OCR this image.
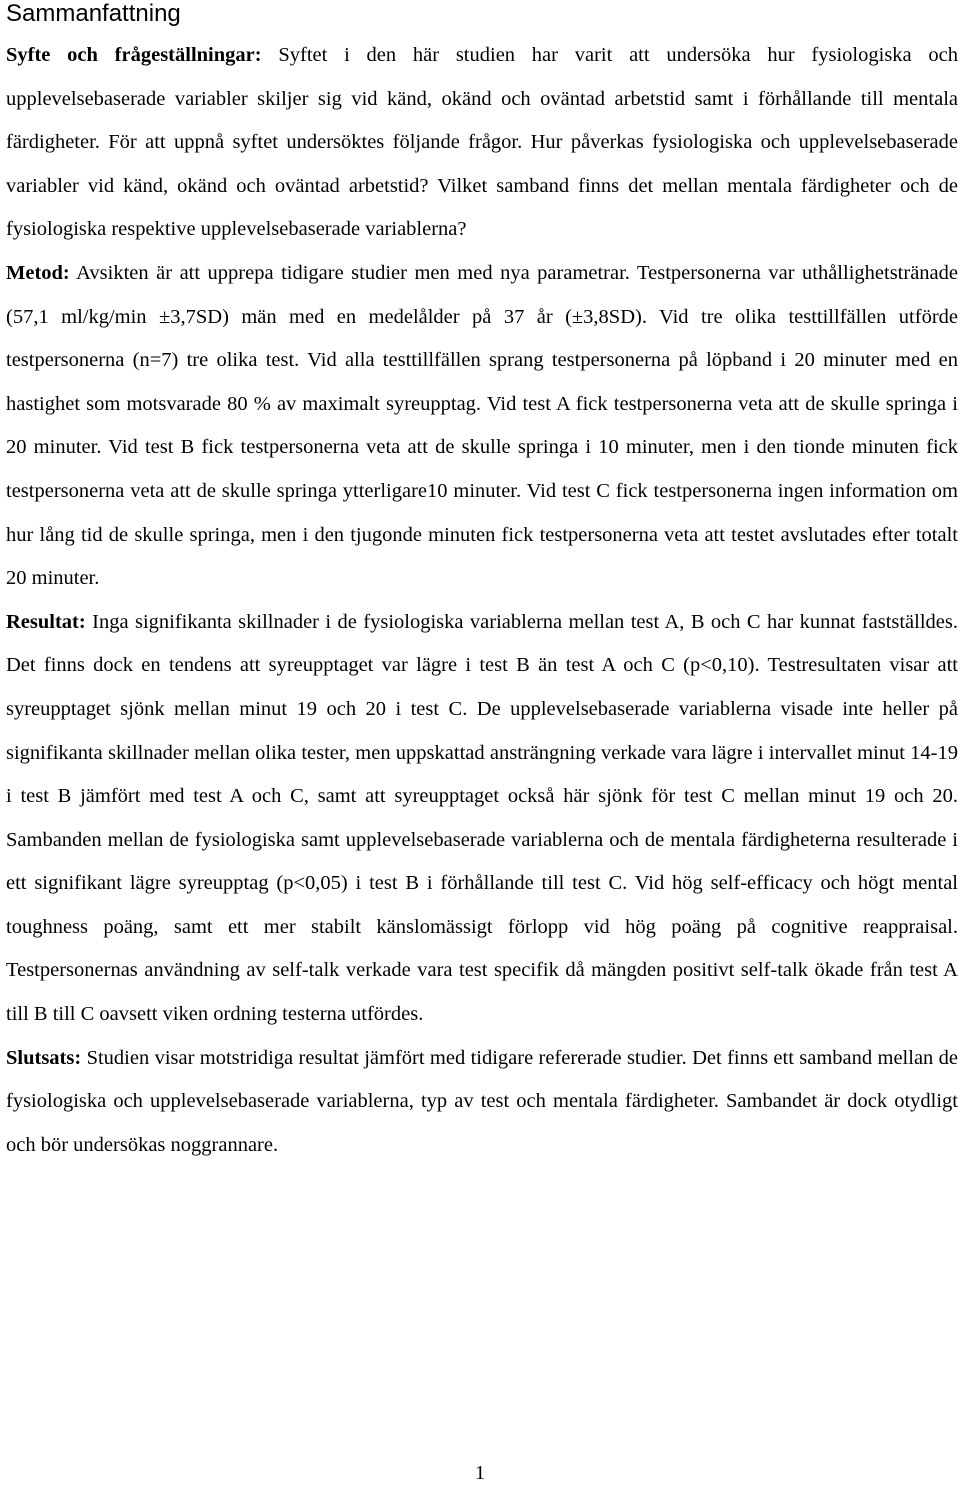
Sammanfattning

Syfte och frågeställningar: Syftet i den här studien har varit att undersöka hur fysiologiska och upplevelsebaserade variabler skiljer sig vid känd, okänd och oväntad arbetstid samt i förhållande till mentala färdigheter. För att uppnå syftet undersöktes följande frågor. Hur påverkas fysiologiska och upplevelsebaserade variabler vid känd, okänd och oväntad arbetstid? Vilket samband finns det mellan mentala färdigheter och de fysiologiska respektive upplevelsebaserade variablerna?

Metod: Avsikten är att upprepa tidigare studier men med nya parametrar. Testpersonerna var uthållighetstränade (57,1 ml/kg/min ±3,7SD) män med en medelålder på 37 år (±3,8SD). Vid tre olika testtillfällen utförde testpersonerna (n=7) tre olika test. Vid alla testtillfällen sprang testpersonerna på löpband i 20 minuter med en hastighet som motsvarade 80 % av maximalt syreupptag. Vid test A fick testpersonerna veta att de skulle springa i 20 minuter. Vid test B fick testpersonerna veta att de skulle springa i 10 minuter, men i den tionde minuten fick testpersonerna veta att de skulle springa ytterligare10 minuter. Vid test C fick testpersonerna ingen information om hur lång tid de skulle springa, men i den tjugonde minuten fick testpersonerna veta att testet avslutades efter totalt 20 minuter.

Resultat: Inga signifikanta skillnader i de fysiologiska variablerna mellan test A, B och C har kunnat fastställdes. Det finns dock en tendens att syreupptaget var lägre i test B än test A och C (p<0,10). Testresultaten visar att syreupptaget sjönk mellan minut 19 och 20 i test C. De upplevelsebaserade variablerna visade inte heller på signifikanta skillnader mellan olika tester, men uppskattad ansträngning verkade vara lägre i intervallet minut 14-19 i test B jämfört med test A och C, samt att syreupptaget också här sjönk för test C mellan minut 19 och 20. Sambanden mellan de fysiologiska samt upplevelsebaserade variablerna och de mentala färdigheterna resulterade i ett signifikant lägre syreupptag (p<0,05) i test B i förhållande till test C. Vid hög self-efficacy och högt mental toughness poäng, samt ett mer stabilt känslomässigt förlopp vid hög poäng på cognitive reappraisal. Testpersonernas användning av self-talk verkade vara test specifik då mängden positivt self-talk ökade från test A till B till C oavsett viken ordning testerna utfördes.

Slutsats: Studien visar motstridiga resultat jämfört med tidigare refererade studier. Det finns ett samband mellan de fysiologiska och upplevelsebaserade variablerna, typ av test och mentala färdigheter. Sambandet är dock otydligt och bör undersökas noggrannare.

1
